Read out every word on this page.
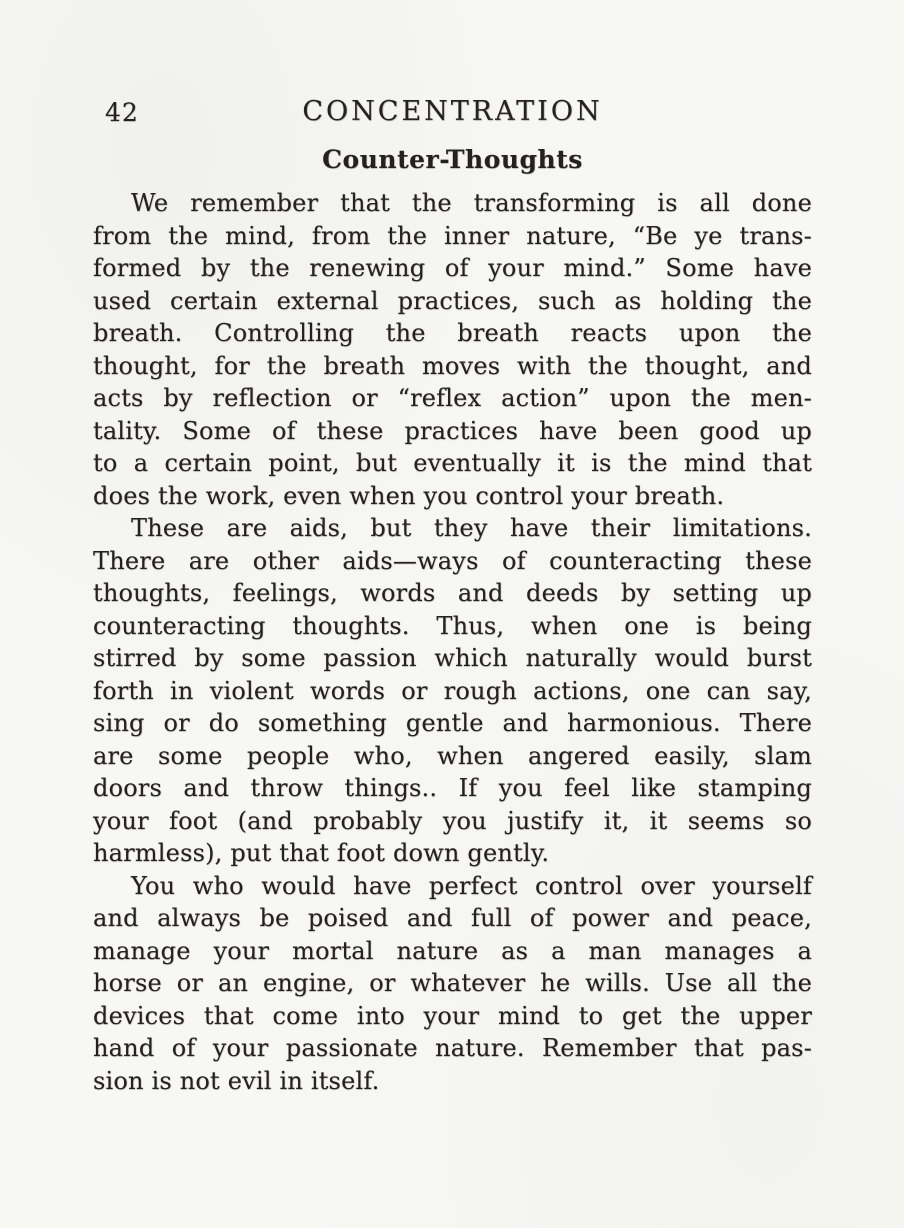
42	CONCENTRATION
Counter-Thoughts
We remember that the transforming is all done
from the mind, from the inner nature, “Be ye trans-
formed by the renewing of your mind.” Some have
used certain external practices, such as holding the
breath. Controlling the breath reacts upon the
thought, for the breath moves with the thought, and
acts by reflection or “reflex action” upon the men-
tality. Some of these practices have been good up
to a certain point, but eventually it is the mind that
does the work, even when you control your breath.
These are aids, but they have their limitations.
There are other aids—ways of counteracting these
thoughts, feelings, words and deeds by setting up
counteracting thoughts. Thus, when one is being
stirred by some passion which naturally would burst
forth in violent words or rough actions, one can say,
sing or do something gentle and harmonious. There
are some people who, when angered easily, slam
doors and throw things.. If you feel like stamping
your foot (and probably you justify it, it seems so
harmless), put that foot down gently.
You who would have perfect control over yourself
and always be poised and full of power and peace,
manage your mortal nature as a man manages a
horse or an engine, or whatever he wills. Use all the
devices that come into your mind to get the upper
hand of your passionate nature. Remember that pas-
sion is not evil in itself.
